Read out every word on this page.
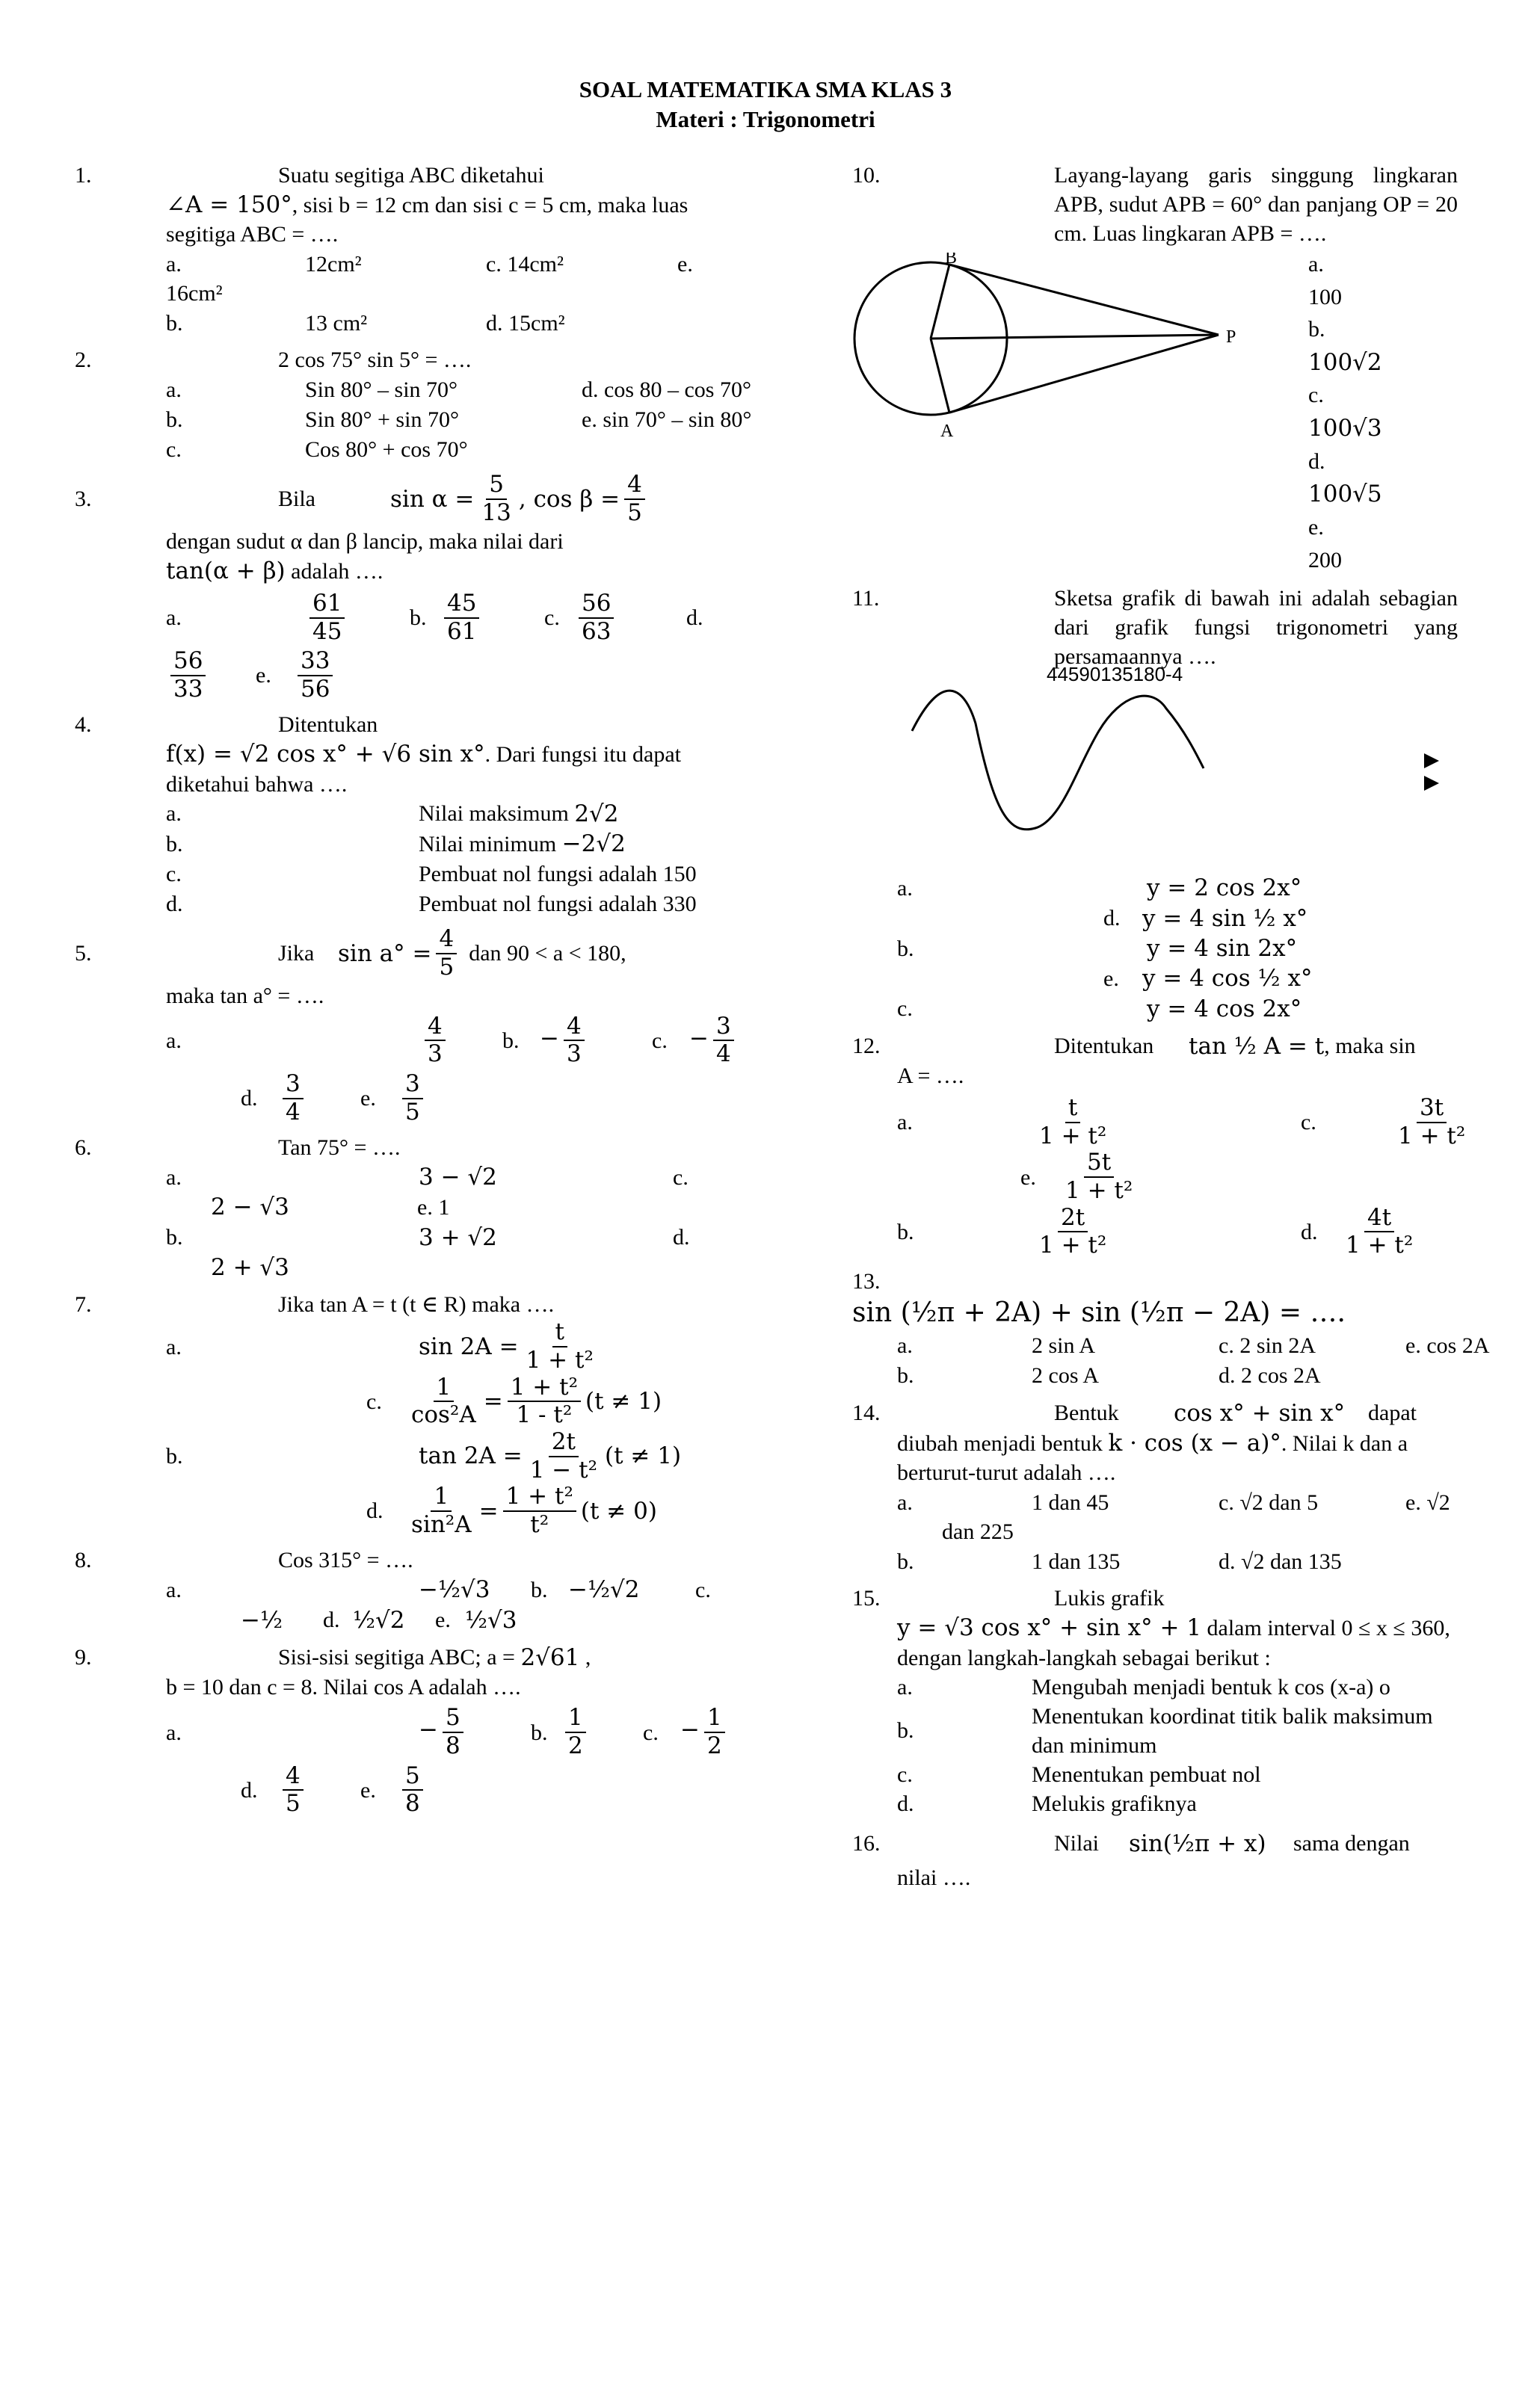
SOAL MATEMATIKA SMA KLAS 3
Materi : Trigonometri
1.	Suatu segitiga ABC diketahui
∠A = 150°, sisi b = 12 cm dan sisi c = 5 cm, maka luas segitiga ABC = ….
a.	12cm²	c. 14cm²	e.
16cm²
b.	13 cm²	d. 15cm²
2.	2 cos 75° sin 5° = ….
a.	Sin 80° – sin 70°	d. cos 80 – cos 70°
b.	Sin 80° + sin 70°	e. sin 70° – sin 80°
c.	Cos 80° + cos 70°
3.	Bila	$\sin \alpha = \frac{5}{13}$ , $\cos \beta = \frac{4}{5}$
dengan sudut α dan β lancip, maka nilai dari
tan(α + β) adalah ….
a.	$\frac{61}{45}$	b. $\frac{45}{61}$	c. $\frac{56}{63}$	d.
$\frac{56}{33} e$.	$\frac{33}{56}$
4.	Ditentukan
f(x) = √2 cos x° + √6 sin x°. Dari fungsi itu dapat diketahui bahwa ….
a.	Nilai maksimum
2√2
b.	Nilai minimum
−2√2
c.	Pembuat nol fungsi adalah 150
d.	Pembuat nol fungsi adalah 330
5.	Jika	$\sin a^\circ = \frac{4}{5}$ dan 90 < a < 180,
maka tan a° = ….
a.	$\frac{4}{3}$	b. − $\frac{4}{3}$	c. − $\frac{3}{4}$
d.	$\frac{3}{4}$	e.	$\frac{3}{5}$
6.	Tan 75° = ….
a.	3 − √2	c.
2 − √3	e. 1
b.	3 + √2	d.
2 + √3
7.	Jika tan A = t (t ∈ R) maka ….
a.	$\sin 2A = \frac{t}{\text{1 + t²}}$
c.	$\frac{1}{\text{cos²A}} = \frac{\text{1 + t²}}{\text{1 - t²}} (t \ne 1)$
b.	$\tan 2A = \frac{2t}{\text{1 − t²}} (t \ne 1)$
d.	$\frac{1}{\text{sin²A}} = \frac{\text{1 + t²}}{\text{t²}} (t \ne 0)$
8.	Cos 315° = ….
a.	−½√3	b. −½√2	c.
−½	d. ½√2	e. ½√3
9.	Sisi-sisi segitiga ABC; a =
2√61 ,
b = 10 dan c = 8. Nilai cos A adalah ….
a.	− $\frac{5}{8}$	b. $\frac{1}{2}$	c. − $\frac{1}{2}$
d.	$\frac{4}{5}$	e.	$\frac{5}{8}$
10.	Layang-layang garis singgung lingkaran APB, sudut APB = 60° dan panjang OP = 20 cm. Luas lingkaran APB = ….
B
A
P
a.
100
b.
100√2
c.
100√3
d.
100√5
e.
200
11.	Sketsa grafik di bawah ini adalah sebagian dari grafik fungsi trigonometri yang persamaannya ….
44590135180-4
a.	y = 2 cos 2x°
d. y = 4 sin ½ x°
b.	y = 4 sin 2x°
e.	y = 4 cos ½ x°
c.	y = 4 cos 2x°
12.	Ditentukan	tan ½ A = t , maka sin
A = ….
a.	$\frac{t}{\text{1 + t²}}$	c.	$\frac{3t}{\text{1 + t²}}$
e.	$\frac{5t}{\text{1 + t²}}$
b.	$\frac{2t}{\text{1 + t²}}$	d.	$\frac{4t}{\text{1 + t²}}$
13.
sin (½π + 2A) + sin (½π − 2A) = ….
a.	2 sin A	c. 2 sin 2A	e. cos 2A
b.	2 cos A	d. 2 cos 2A
14.	Bentuk	cos x° + sin x°	dapat
diubah menjadi bentuk k · cos (x − a)°. Nilai k dan a berturut-turut adalah ….
a.	1 dan 45	c. √2 dan 5	e. √2
dan 225
b.	1 dan 135	d. √2 dan 135
15.	Lukis grafik
y = √3 cos x° + sin x° + 1 dalam interval 0 ≤ x ≤ 360, dengan langkah-langkah sebagai berikut :
a.	Mengubah menjadi bentuk k cos (x-a) o
b.
Menentukan koordinat titik balik maksimum dan minimum
c.	Menentukan pembuat nol
d.	Melukis grafiknya
16.	Nilai	sin(½π + x)	sama dengan
nilai ….
